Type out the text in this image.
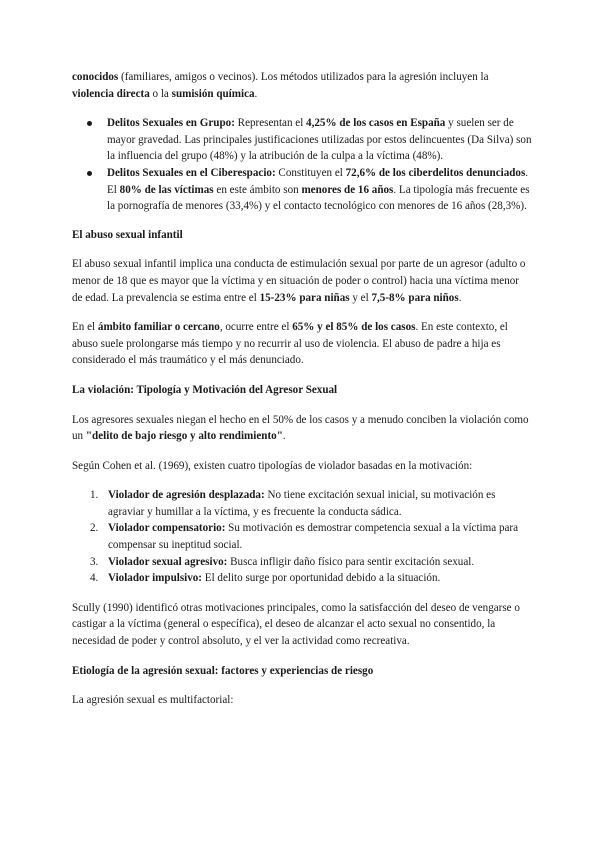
conocidos (familiares, amigos o vecinos). Los métodos utilizados para la agresión incluyen la violencia directa o la sumisión química.

Delitos Sexuales en Grupo: Representan el 4,25% de los casos en España y suelen ser de mayor gravedad. Las principales justificaciones utilizadas por estos delincuentes (Da Silva) son la influencia del grupo (48%) y la atribución de la culpa a la víctima (48%).
Delitos Sexuales en el Ciberespacio: Constituyen el 72,6% de los ciberdelitos denunciados. El 80% de las víctimas en este ámbito son menores de 16 años. La tipología más frecuente es la pornografía de menores (33,4%) y el contacto tecnológico con menores de 16 años (28,3%).
El abuso sexual infantil

El abuso sexual infantil implica una conducta de estimulación sexual por parte de un agresor (adulto o menor de 18 que es mayor que la víctima y en situación de poder o control) hacia una víctima menor de edad. La prevalencia se estima entre el 15-23% para niñas y el 7,5-8% para niños.

En el ámbito familiar o cercano, ocurre entre el 65% y el 85% de los casos. En este contexto, el abuso suele prolongarse más tiempo y no recurrir al uso de violencia. El abuso de padre a hija es considerado el más traumático y el más denunciado.

La violación: Tipología y Motivación del Agresor Sexual

Los agresores sexuales niegan el hecho en el 50% de los casos y a menudo conciben la violación como un "delito de bajo riesgo y alto rendimiento".

Según Cohen et al. (1969), existen cuatro tipologías de violador basadas en la motivación:

1. Violador de agresión desplazada: No tiene excitación sexual inicial, su motivación es agraviar y humillar a la víctima, y es frecuente la conducta sádica.
2. Violador compensatorio: Su motivación es demostrar competencia sexual a la víctima para compensar su ineptitud social.
3. Violador sexual agresivo: Busca infligir daño físico para sentir excitación sexual.
4. Violador impulsivo: El delito surge por oportunidad debido a la situación.

Scully (1990) identificó otras motivaciones principales, como la satisfacción del deseo de vengarse o castigar a la víctima (general o específica), el deseo de alcanzar el acto sexual no consentido, la necesidad de poder y control absoluto, y el ver la actividad como recreativa.

Etiología de la agresión sexual: factores y experiencias de riesgo

La agresión sexual es multifactorial:
